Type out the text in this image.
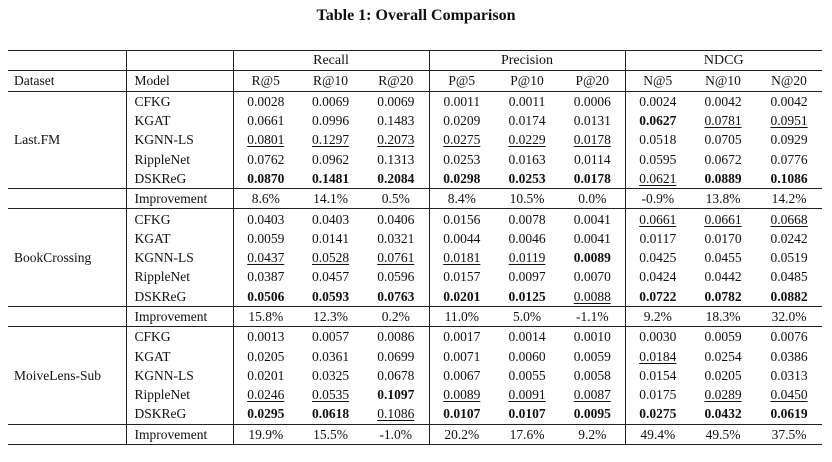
Table 1: Overall Comparison
		Recall			Precision			NDCG		
Dataset	Model	R@5	R@10	R@20	P@5	P@10	P@20	N@5	N@10	N@20
Last.FM	CFKG	0.0028	0.0069	0.0069	0.0011	0.0011	0.0006	0.0024	0.0042	0.0042
	KGAT	0.0661	0.0996	0.1483	0.0209	0.0174	0.0131	0.0627	0.0781	0.0951
	KGNN-LS	0.0801	0.1297	0.2073	0.0275	0.0229	0.0178	0.0518	0.0705	0.0929
	RippleNet	0.0762	0.0962	0.1313	0.0253	0.0163	0.0114	0.0595	0.0672	0.0776
	DSKReG	0.0870	0.1481	0.2084	0.0298	0.0253	0.0178	0.0621	0.0889	0.1086
	Improvement	8.6%	14.1%	0.5%	8.4%	10.5%	0.0%	-0.9%	13.8%	14.2%
BookCrossing	CFKG	0.0403	0.0403	0.0406	0.0156	0.0078	0.0041	0.0661	0.0661	0.0668
	KGAT	0.0059	0.0141	0.0321	0.0044	0.0046	0.0041	0.0117	0.0170	0.0242
	KGNN-LS	0.0437	0.0528	0.0761	0.0181	0.0119	0.0089	0.0425	0.0455	0.0519
	RippleNet	0.0387	0.0457	0.0596	0.0157	0.0097	0.0070	0.0424	0.0442	0.0485
	DSKReG	0.0506	0.0593	0.0763	0.0201	0.0125	0.0088	0.0722	0.0782	0.0882
	Improvement	15.8%	12.3%	0.2%	11.0%	5.0%	-1.1%	9.2%	18.3%	32.0%
MoiveLens-Sub	CFKG	0.0013	0.0057	0.0086	0.0017	0.0014	0.0010	0.0030	0.0059	0.0076
	KGAT	0.0205	0.0361	0.0699	0.0071	0.0060	0.0059	0.0184	0.0254	0.0386
	KGNN-LS	0.0201	0.0325	0.0678	0.0067	0.0055	0.0058	0.0154	0.0205	0.0313
	RippleNet	0.0246	0.0535	0.1097	0.0089	0.0091	0.0087	0.0175	0.0289	0.0450
	DSKReG	0.0295	0.0618	0.1086	0.0107	0.0107	0.0095	0.0275	0.0432	0.0619
	Improvement	19.9%	15.5%	-1.0%	20.2%	17.6%	9.2%	49.4%	49.5%	37.5%
